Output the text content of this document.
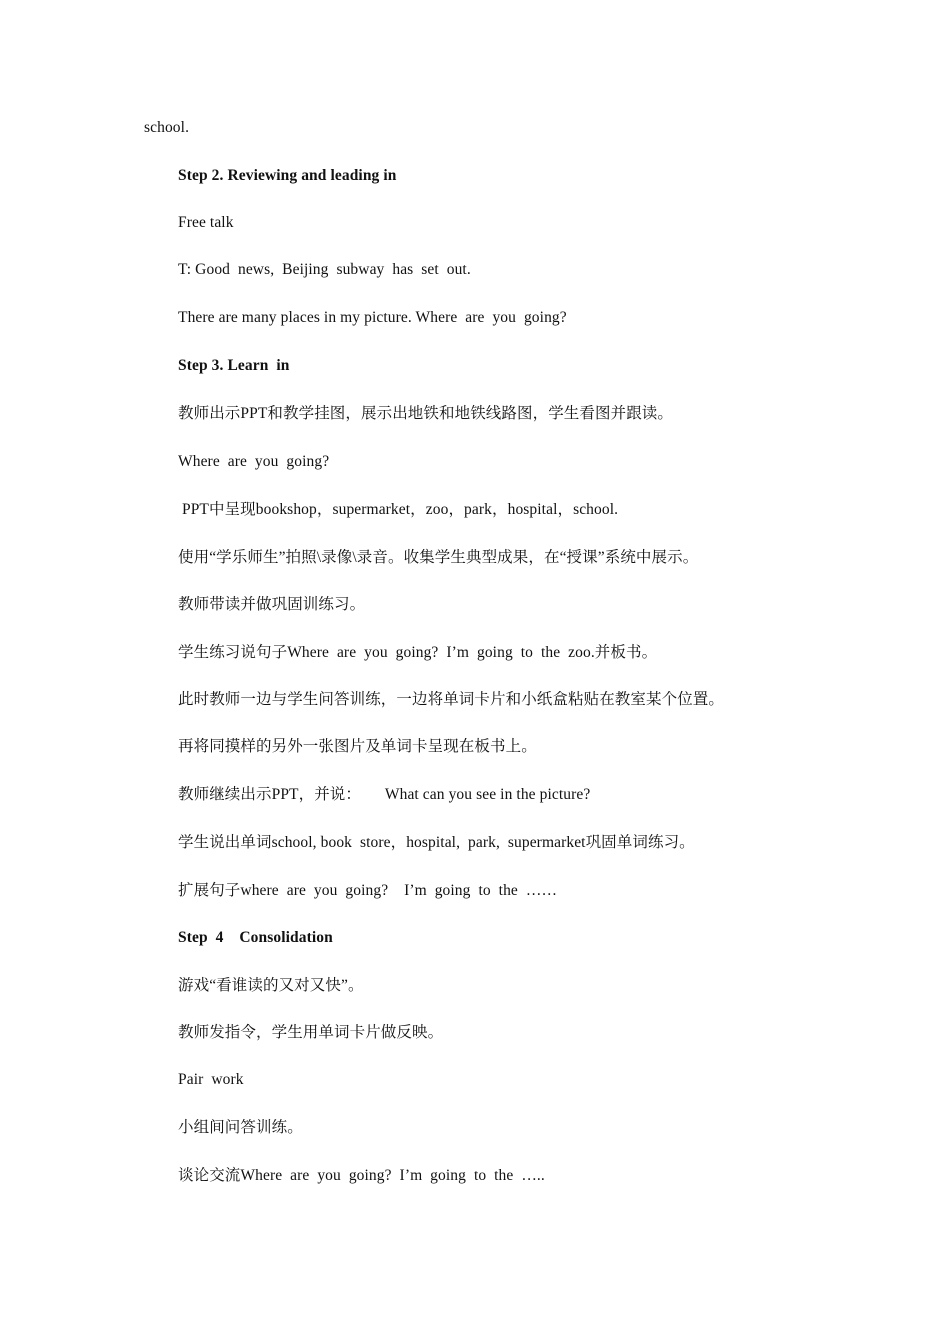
school.
Step 2. Reviewing and leading in
Free talk
T: Good  news,  Beijing  subway  has  set  out.
There are many places in my picture. Where  are  you  going?
Step 3. Learn  in
教师出示PPT和教学挂图，展示出地铁和地铁线路图，学生看图并跟读。
Where  are  you  going?
PPT中呈现bookshop，supermarket，zoo，park，hospital，school.
使用“学乐师生”拍照\录像\录音。收集学生典型成果，在“授课”系统中展示。
教师带读并做巩固训练习。
学生练习说句子Where  are  you  going?  I’m  going  to  the  zoo.并板书。
此时教师一边与学生问答训练，一边将单词卡片和小纸盒粘贴在教室某个位置。
再将同摸样的另外一张图片及单词卡呈现在板书上。
教师继续出示PPT，并说：      What can you see in the picture?
学生说出单词school, book  store，hospital,  park,  supermarket巩固单词练习。
扩展句子where  are  you  going?    I’m  going  to  the  ……
Step  4    Consolidation
游戏“看谁读的又对又快”。
教师发指令，学生用单词卡片做反映。
Pair  work
小组间问答训练。
谈论交流Where  are  you  going?  I’m  going  to  the  …..
